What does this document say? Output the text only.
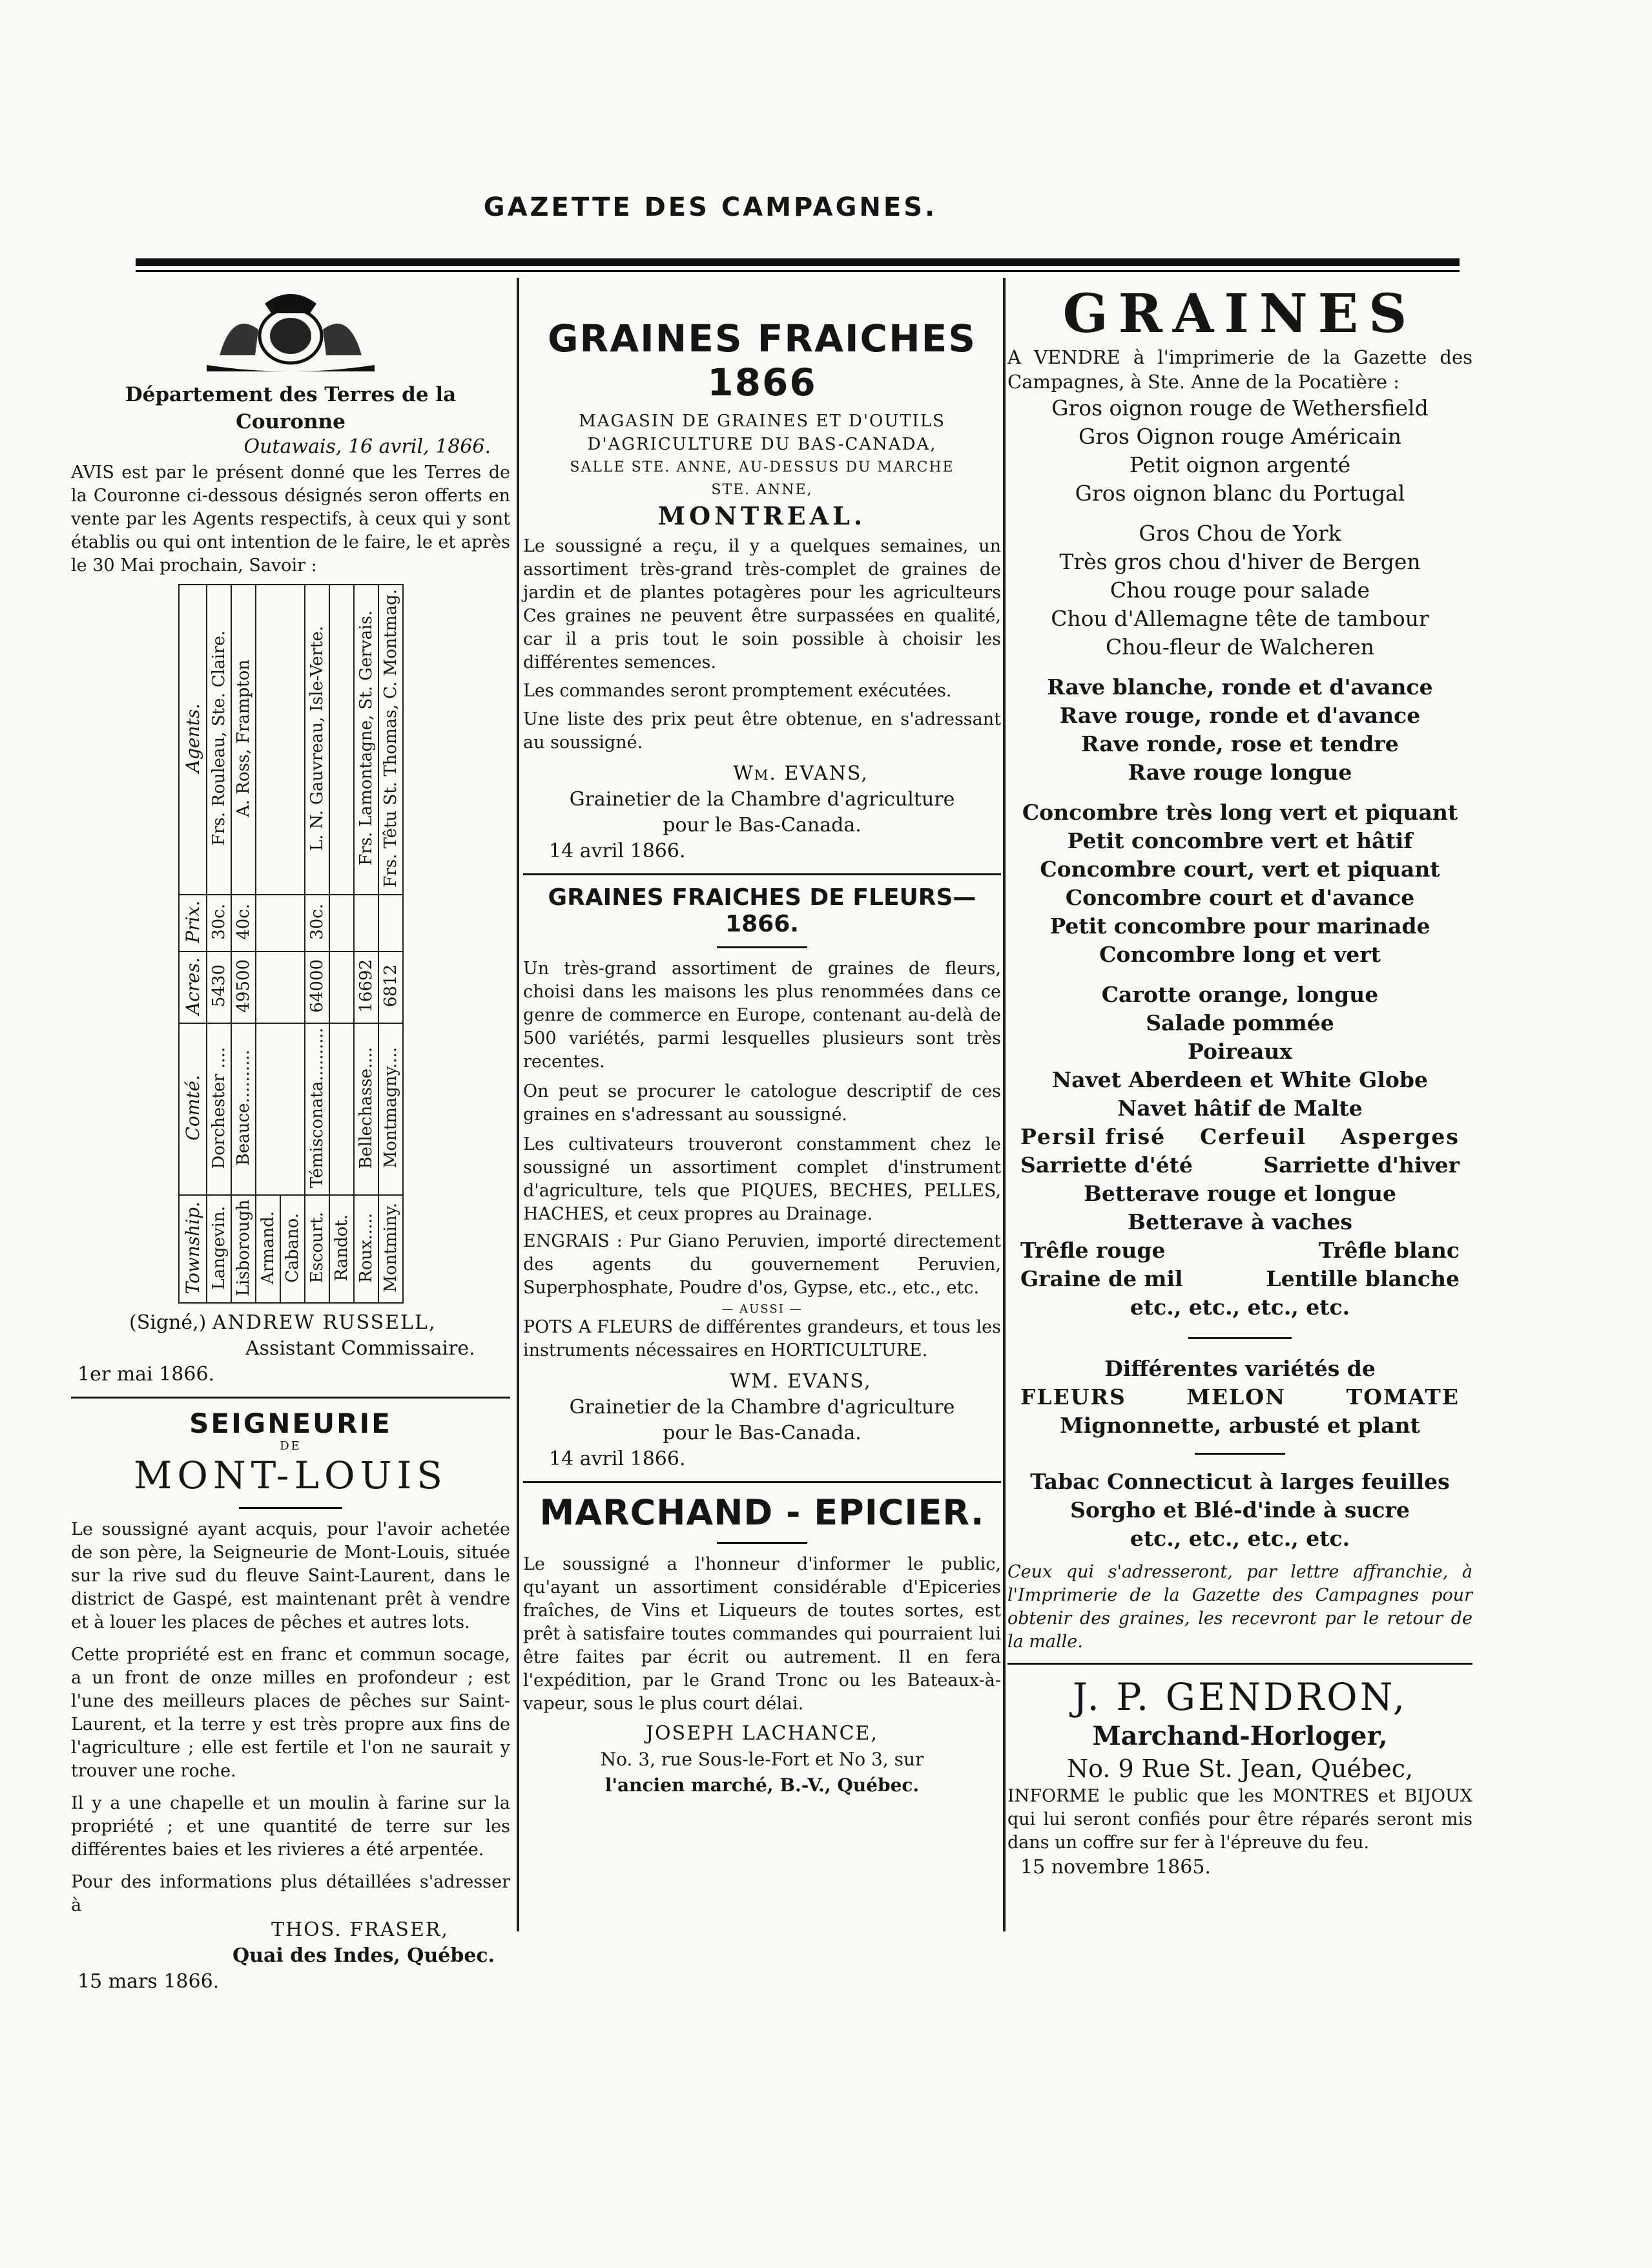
GAZETTE DES CAMPAGNES.
Département des Terres de la Couronne
Outawais, 16 avril, 1866.

AVIS est par le présent donné que les Terres de la Couronne ci-dessous désignés seron offerts en vente par les Agents respectifs, à ceux qui y sont établis ou qui ont intention de le faire, le et après le 30 Mai prochain, Savoir :

Agents.	Frs. Rouleau, Ste. Claire.	A. Ross, Frampton			L. N. Gauvreau, Isle-Verte.		Frs. Lamontagne, St. Gervais.	Frs. Têtu St. Thomas, C. Montmag.
Prix.	30c.	40c.			30c.			
Acres.	5430	49500			64000		16692	6812
Comté.	Dorchester ....	Beauce..........			Témisconata..........		Bellechasse....	Montmagny....
Township.	Langevin.	Lisborough	Armand.	Cabano.	Escourt.	Randot.	Roux.....	Montminy.
(Signé,) ANDREW RUSSELL,
Assistant Commissaire.
1er mai 1866.
SEIGNEURIE
DE
MONT-LOUIS

Le soussigné ayant acquis, pour l'avoir achetée de son père, la Seigneurie de Mont-Louis, située sur la rive sud du fleuve Saint-Laurent, dans le district de Gaspé, est maintenant prêt à vendre et à louer les places de pêches et autres lots.

Cette propriété est en franc et commun socage, a un front de onze milles en profondeur ; est l'une des meilleurs places de pêches sur Saint-Laurent, et la terre y est très propre aux fins de l'agriculture ; elle est fertile et l'on ne saurait y trouver une roche.

Il y a une chapelle et un moulin à farine sur la propriété ; et une quantité de terre sur les différentes baies et les rivieres a été arpentée.

Pour des informations plus détaillées s'adresser à

THOS. FRASER,
Quai des Indes, Québec.
15 mars 1866.
GRAINES FRAICHES 1866
MAGASIN DE GRAINES ET D'OUTILS
D'AGRICULTURE DU BAS-CANADA,
SALLE STE. ANNE, AU-DESSUS DU MARCHE
STE. ANNE,
MONTREAL.

Le soussigné a reçu, il y a quelques semaines, un assortiment très-grand très-complet de graines de jardin et de plantes potagères pour les agriculteurs Ces graines ne peuvent être surpassées en qualité, car il a pris tout le soin possible à choisir les différentes semences.

Les commandes seront promptement exécutées.

Une liste des prix peut être obtenue, en s'adressant au soussigné.

Wm. EVANS,
Grainetier de la Chambre d'agriculture
pour le Bas-Canada.
14 avril 1866.
GRAINES FRAICHES DE FLEURS—1866.

Un très-grand assortiment de graines de fleurs, choisi dans les maisons les plus renommées dans ce genre de commerce en Europe, contenant au-delà de 500 variétés, parmi lesquelles plusieurs sont très recentes.

On peut se procurer le catologue descriptif de ces graines en s'adressant au soussigné.

Les cultivateurs trouveront constamment chez le soussigné un assortiment complet d'instrument d'agriculture, tels que PIQUES, BECHES, PELLES, HACHES, et ceux propres au Drainage.

ENGRAIS : Pur Giano Peruvien, importé directement des agents du gouvernement Peruvien, Superphosphate, Poudre d'os, Gypse, etc., etc., etc.

— AUSSI —

POTS A FLEURS de différentes grandeurs, et tous les instruments nécessaires en HORTICULTURE.

WM. EVANS,
Grainetier de la Chambre d'agriculture
pour le Bas-Canada.
14 avril 1866.
MARCHAND - EPICIER.

Le soussigné a l'honneur d'informer le public, qu'ayant un assortiment considérable d'Epiceries fraîches, de Vins et Liqueurs de toutes sortes, est prêt à satisfaire toutes commandes qui pourraient lui être faites par écrit ou autrement. Il en fera l'expédition, par le Grand Tronc ou les Bateaux-à-vapeur, sous le plus court délai.

JOSEPH LACHANCE,
No. 3, rue Sous-le-Fort et No 3, sur
l'ancien marché, B.-V., Québec.
GRAINES

A VENDRE à l'imprimerie de la Gazette des Campagnes, à Ste. Anne de la Pocatière :

Gros oignon rouge de Wethersfield
Gros Oignon rouge Américain
Petit oignon argenté
Gros oignon blanc du Portugal
Gros Chou de York
Très gros chou d'hiver de Bergen
Chou rouge pour salade
Chou d'Allemagne tête de tambour
Chou-fleur de Walcheren
Rave blanche, ronde et d'avance
Rave rouge, ronde et d'avance
Rave ronde, rose et tendre
Rave rouge longue
Concombre très long vert et piquant
Petit concombre vert et hâtif
Concombre court, vert et piquant
Concombre court et d'avance
Petit concombre pour marinade
Concombre long et vert
Carotte orange, longue
Salade pommée
Poireaux
Navet Aberdeen et White Globe
Navet hâtif de Malte
Persil frisé Cerfeuil Asperges
Sarriette d'été	Sarriette d'hiver
Betterave rouge et longue
Betterave à vaches
Trêfle rouge	Trêfle blanc
Graine de mil	Lentille blanche
etc., etc., etc., etc.
Différentes variétés de
FLEURS	MELON	TOMATE
Mignonnette, arbusté et plant
Tabac Connecticut à larges feuilles
Sorgho et Blé-d'inde à sucre
etc., etc., etc., etc.

Ceux qui s'adresseront, par lettre affranchie, à l'Imprimerie de la Gazette des Campagnes pour obtenir des graines, les recevront par le retour de la malle.

J. P. GENDRON,
Marchand-Horloger,
No. 9 Rue St. Jean, Québec,

INFORME le public que les MONTRES et BIJOUX qui lui seront confiés pour être réparés seront mis dans un coffre sur fer à l'épreuve du feu.

15 novembre 1865.
